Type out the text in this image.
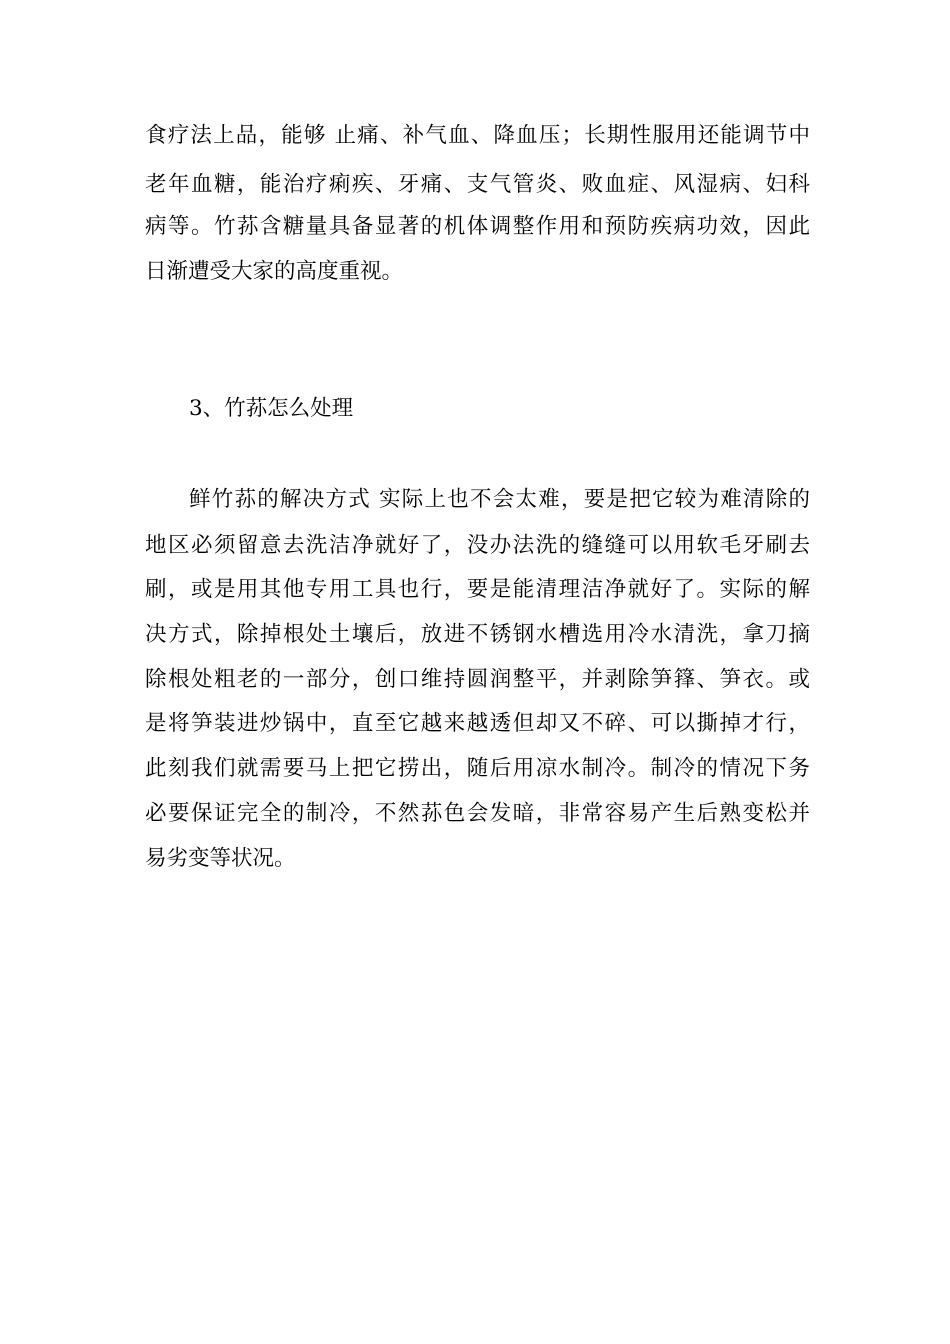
食疗法上品，能够 止痛、补气血、降血压；长期性服用还能调节中
老年血糖，能治疗痢疾、牙痛、支气管炎、败血症、风湿病、妇科
病等。竹荪含糖量具备显著的机体调整作用和预防疾病功效，因此
日渐遭受大家的高度重视。
3、竹荪怎么处理
鲜竹荪的解决方式 实际上也不会太难，要是把它较为难清除的
地区必须留意去洗洁净就好了，没办法洗的缝缝可以用软毛牙刷去
刷，或是用其他专用工具也行，要是能清理洁净就好了。实际的解
决方式，除掉根处土壤后，放进不锈钢水槽选用冷水清洗，拿刀摘
除根处粗老的一部分，创口维持圆润整平，并剥除笋箨、笋衣。或
是将笋装进炒锅中，直至它越来越透但却又不碎、可以撕掉才行，
此刻我们就需要马上把它捞出，随后用凉水制冷。制冷的情况下务
必要保证完全的制冷，不然荪色会发暗，非常容易产生后熟变松并
易劣变等状况。
